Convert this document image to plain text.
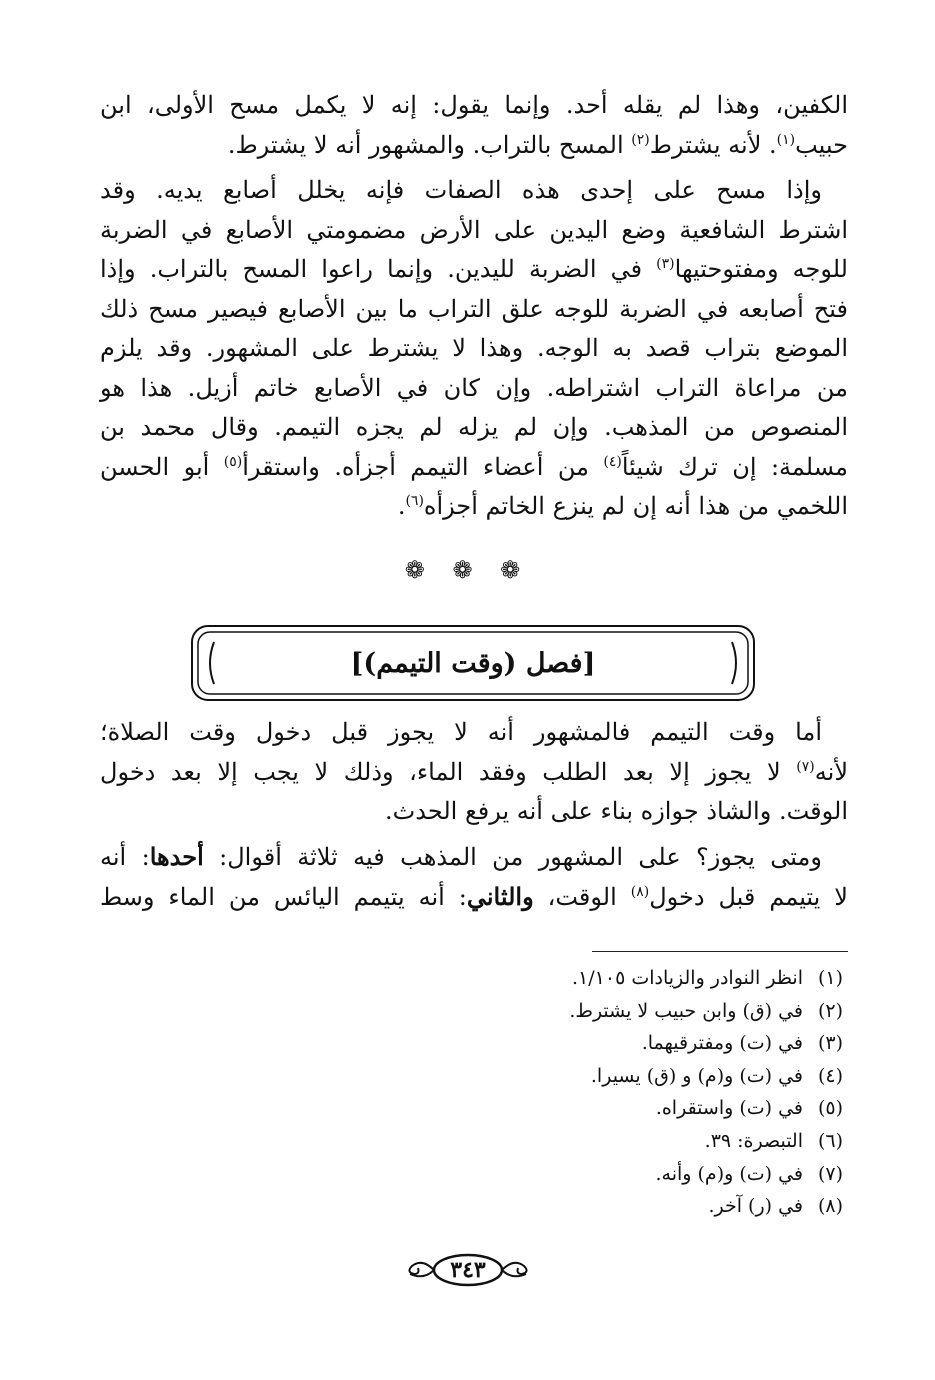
الكفين، وهذا لم يقله أحد. وإنما يقول: إنه لا يكمل مسح الأولى، ابن
حبيب$^{(١)}$. لأنه يشترط$^{(٢)}$ المسح بالتراب. والمشهور أنه لا يشترط.
وإذا مسح على إحدى هذه الصفات فإنه يخلل أصابع يديه. وقد
اشترط الشافعية وضع اليدين على الأرض مضمومتي الأصابع في الضربة
للوجه ومفتوحتيها$^{(٣)}$ في الضربة لليدين. وإنما راعوا المسح بالتراب. وإذا
فتح أصابعه في الضربة للوجه علق التراب ما بين الأصابع فيصير مسح ذلك
الموضع بتراب قصد به الوجه. وهذا لا يشترط على المشهور. وقد يلزم
من مراعاة التراب اشتراطه. وإن كان في الأصابع خاتم أزيل. هذا هو
المنصوص من المذهب. وإن لم يزله لم يجزه التيمم. وقال محمد بن
مسلمة: إن ترك شيئاً$^{(٤)}$ من أعضاء التيمم أجزأه. واستقرأ$^{(٥)}$ أبو الحسن
اللخمي من هذا أنه إن لم ينزع الخاتم أجزأه$^{(٦)}$.
❁ ❁ ❁
[فصل (وقت التيمم)]
أما وقت التيمم فالمشهور أنه لا يجوز قبل دخول وقت الصلاة؛
لأنه$^{(٧)}$ لا يجوز إلا بعد الطلب وفقد الماء، وذلك لا يجب إلا بعد دخول
الوقت. والشاذ جوازه بناء على أنه يرفع الحدث.
ومتى يجوز؟ على المشهور من المذهب فيه ثلاثة أقوال: أحدها: أنه
لا يتيمم قبل دخول$^{(٨)}$ الوقت، والثاني: أنه يتيمم اليائس من الماء وسط
(١)انظر النوادر والزيادات ١/١٠٥.
(٢)في (ق) وابن حبيب لا يشترط.
(٣)في (ت) ومفترقيهما.
(٤)في (ت) و(م) و (ق) يسيرا.
(٥)في (ت) واستقراه.
(٦)التبصرة: ٣٩.
(٧)في (ت) و(م) وأنه.
(٨)في (ر) آخر.
٣٤٣
